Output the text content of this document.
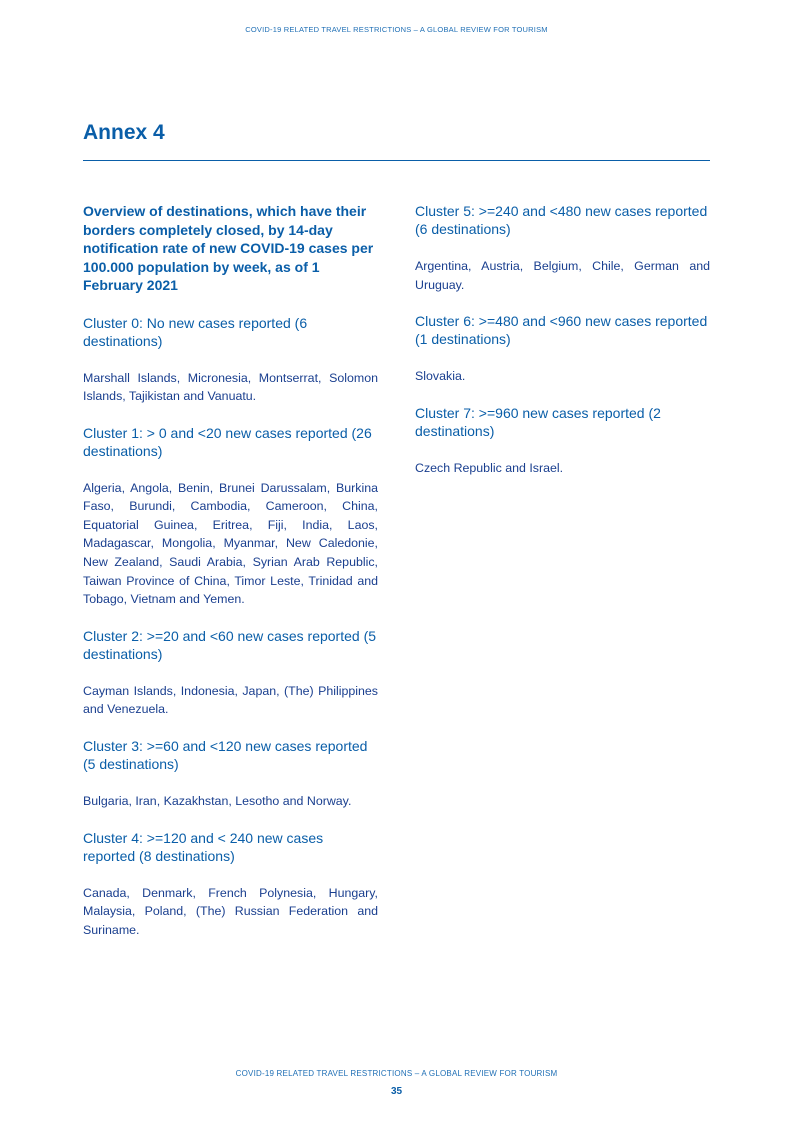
COVID-19 RELATED TRAVEL RESTRICTIONS – A GLOBAL REVIEW FOR TOURISM
Annex 4

Overview of destinations, which have their borders completely closed, by 14-day notification rate of new COVID-19 cases per 100.000 population by week, as of 1 February 2021

Cluster 0: No new cases reported (6 destinations)

Marshall Islands, Micronesia, Montserrat, Solomon Islands, Tajikistan and Vanuatu.

Cluster 1: > 0 and <20 new cases reported (26 destinations)

Algeria, Angola, Benin, Brunei Darussalam, Burkina Faso, Burundi, Cambodia, Cameroon, China, Equatorial Guinea, Eritrea, Fiji, India, Laos, Madagascar, Mongolia, Myanmar, New Caledonie, New Zealand, Saudi Arabia, Syrian Arab Republic, Taiwan Province of China, Timor Leste, Trinidad and Tobago, Vietnam and Yemen.

Cluster 2: >=20 and <60 new cases reported (5 destinations)

Cayman Islands, Indonesia, Japan, (The) Philippines and Venezuela.

Cluster 3: >=60 and <120 new cases reported (5 destinations)

Bulgaria, Iran, Kazakhstan, Lesotho and Norway.

Cluster 4: >=120 and < 240 new cases reported (8 destinations)

Canada, Denmark, French Polynesia, Hungary, Malaysia, Poland, (The) Russian Federation and Suriname.

Cluster 5: >=240 and <480 new cases reported (6 destinations)

Argentina, Austria, Belgium, Chile, German and Uruguay.

Cluster 6: >=480 and <960 new cases reported (1 destinations)

Slovakia.

Cluster 7: >=960 new cases reported (2 destinations)

Czech Republic and Israel.

COVID-19 RELATED TRAVEL RESTRICTIONS – A GLOBAL REVIEW FOR TOURISM
35
